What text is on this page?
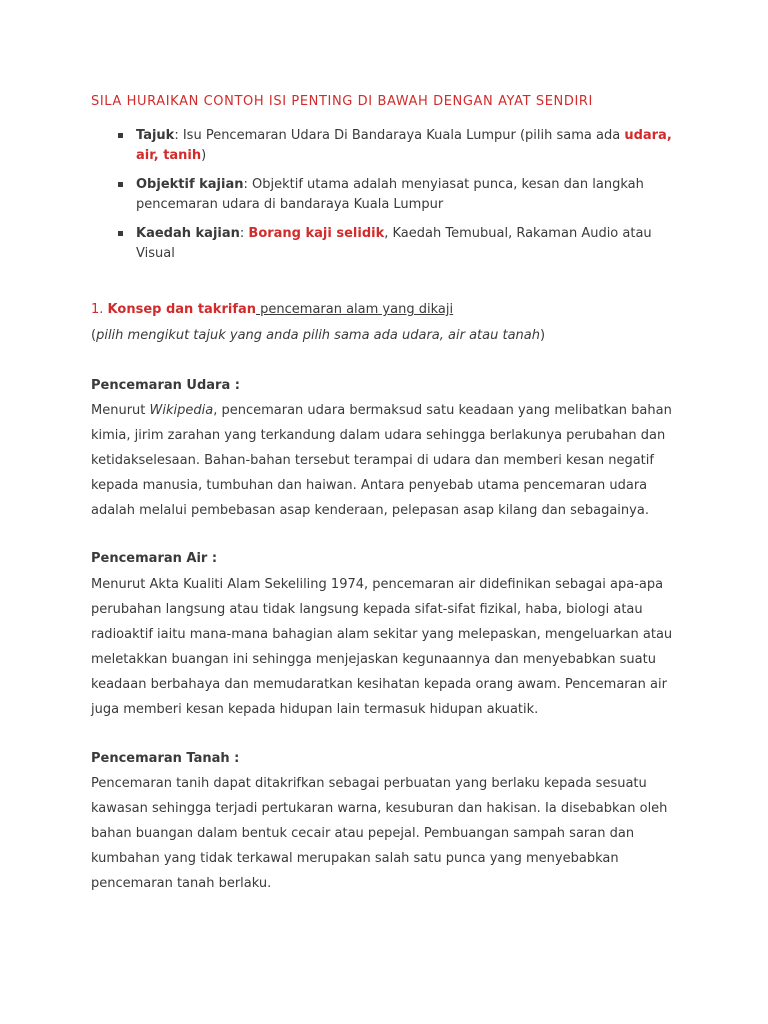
SILA HURAIKAN CONTOH ISI PENTING DI BAWAH DENGAN AYAT SENDIRI
Tajuk: Isu Pencemaran Udara Di Bandaraya Kuala Lumpur (pilih sama ada udara, air, tanih)
Objektif kajian: Objektif utama adalah menyiasat punca, kesan dan langkah pencemaran udara di bandaraya Kuala Lumpur
Kaedah kajian: Borang kaji selidik, Kaedah Temubual, Rakaman Audio atau Visual
1. Konsep dan takrifan pencemaran alam yang dikaji
(pilih mengikut tajuk yang anda pilih sama ada udara, air atau tanah)
Pencemaran Udara :
Menurut Wikipedia, pencemaran udara bermaksud satu keadaan yang melibatkan bahan kimia, jirim zarahan yang terkandung dalam udara sehingga berlakunya perubahan dan ketidakselesaan. Bahan-bahan tersebut terampai di udara dan memberi kesan negatif kepada manusia, tumbuhan dan haiwan. Antara penyebab utama pencemaran udara adalah melalui pembebasan asap kenderaan, pelepasan asap kilang dan sebagainya.
Pencemaran Air :
Menurut Akta Kualiti Alam Sekeliling 1974, pencemaran air didefinikan sebagai apa-apa perubahan langsung atau tidak langsung kepada sifat-sifat fizikal, haba, biologi atau radioaktif iaitu mana-mana bahagian alam sekitar yang melepaskan, mengeluarkan atau meletakkan buangan ini sehingga menjejaskan kegunaannya dan menyebabkan suatu keadaan berbahaya dan memudaratkan kesihatan kepada orang awam. Pencemaran air juga memberi kesan kepada hidupan lain termasuk hidupan akuatik.
Pencemaran Tanah :
Pencemaran tanih dapat ditakrifkan sebagai perbuatan yang berlaku kepada sesuatu kawasan sehingga terjadi pertukaran warna, kesuburan dan hakisan. Ia disebabkan oleh bahan buangan dalam bentuk cecair atau pepejal. Pembuangan sampah saran dan kumbahan yang tidak terkawal merupakan salah satu punca yang menyebabkan pencemaran tanah berlaku.
